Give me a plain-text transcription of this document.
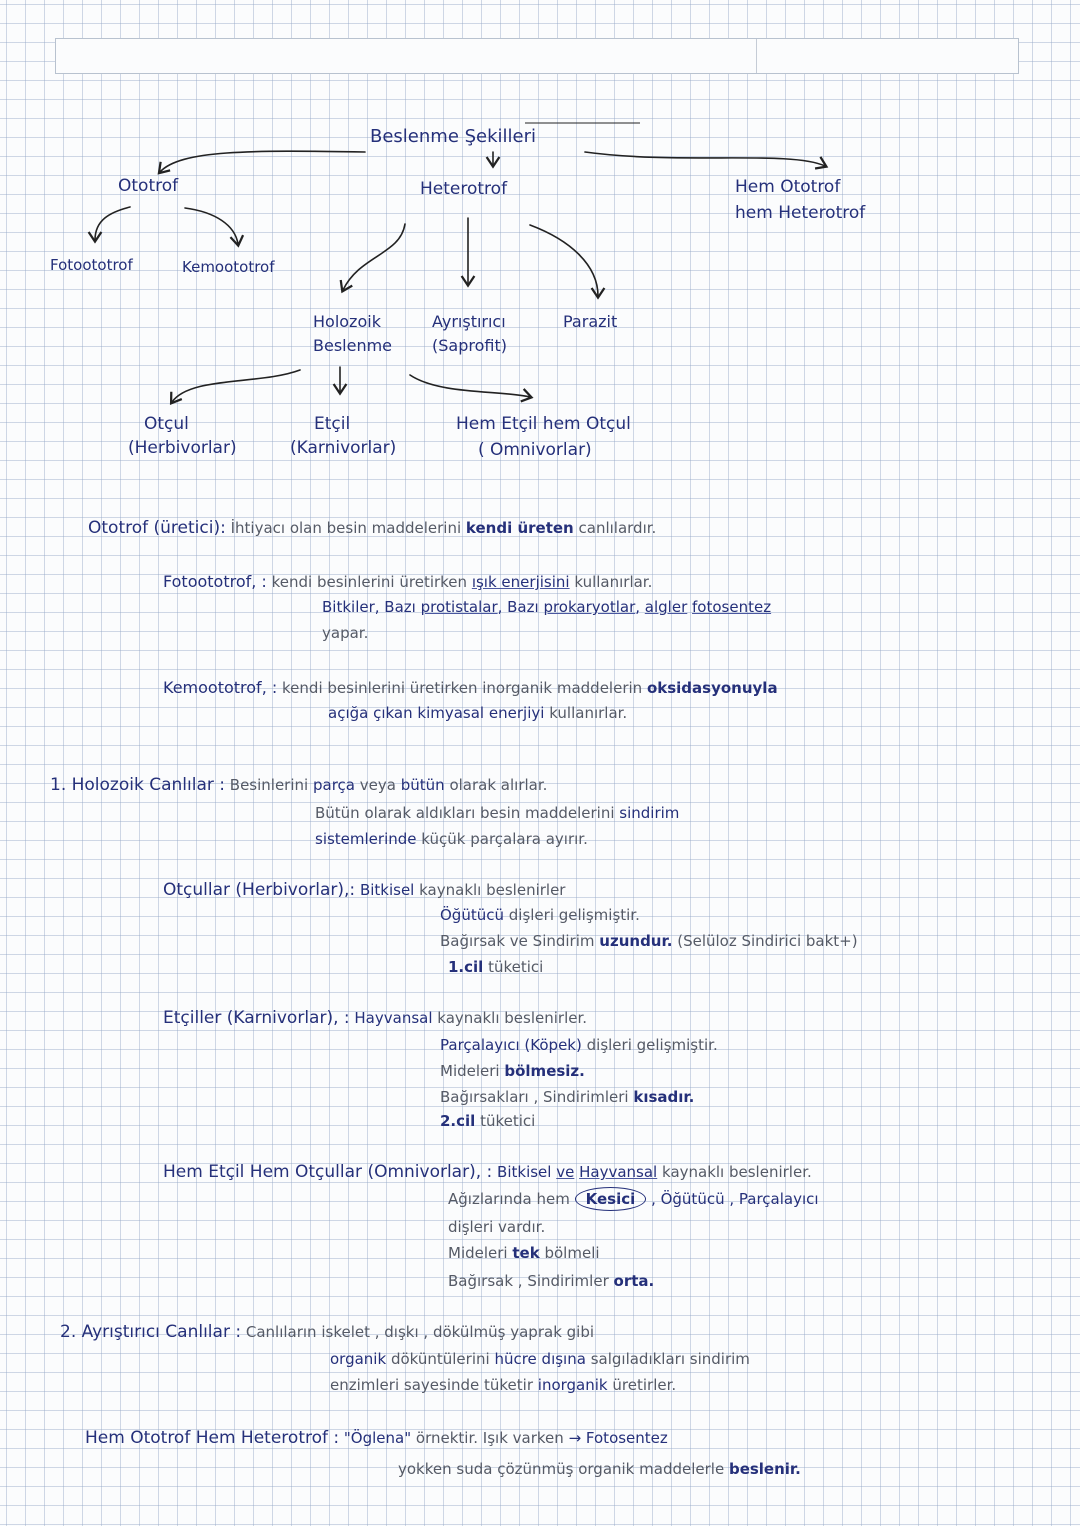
Beslenme Şekilleri
Ototrof	Heterotrof	Hem Ototrof
hem Heterotrof
Fotoototrof	Kemoototrof
Holozoik
Beslenme
Ayrıştırıcı
(Saprofit)
Parazit
Otçul
(Herbivorlar)
Etçil
(Karnivorlar)
Hem Etçil hem Otçul
( Omnivorlar)
Ototrof (üretici): İhtiyacı olan besin maddelerini kendi üreten canlılardır.
Fotoototrof, : kendi besinlerini üretirken ışık enerjisini kullanırlar.
Bitkiler, Bazı protistalar, Bazı prokaryotlar, algler fotosentez
yapar.
Kemoototrof, : kendi besinlerini üretirken inorganik maddelerin oksidasyonuyla
açığa çıkan kimyasal enerjiyi kullanırlar.
1. Holozoik Canlılar : Besinlerini parça veya bütün olarak alırlar.
Bütün olarak aldıkları besin maddelerini sindirim
sistemlerinde küçük parçalara ayırır.
Otçullar (Herbivorlar),: Bitkisel kaynaklı beslenirler
Öğütücü dişleri gelişmiştir.
Bağırsak ve Sindirim uzundur. (Selüloz Sindirici bakt+)
1.cil tüketici
Etçiller (Karnivorlar), : Hayvansal kaynaklı beslenirler.
Parçalayıcı (Köpek) dişleri gelişmiştir.
Mideleri bölmesiz.
Bağırsakları , Sindirimleri kısadır.
2.cil tüketici
Hem Etçil Hem Otçullar (Omnivorlar), : Bitkisel ve Hayvansal kaynaklı beslenirler.
Ağızlarında hem Kesici , Öğütücü , Parçalayıcı
dişleri vardır.
Mideleri tek bölmeli
Bağırsak , Sindirimler orta.
2. Ayrıştırıcı Canlılar : Canlıların iskelet , dışkı , dökülmüş yaprak gibi
organik döküntülerini hücre dışına salgıladıkları sindirim
enzimleri sayesinde tüketir inorganik üretirler.
Hem Ototrof Hem Heterotrof : "Öglena" örnektir. Işık varken → Fotosentez
yokken suda çözünmüş organik maddelerle beslenir.
